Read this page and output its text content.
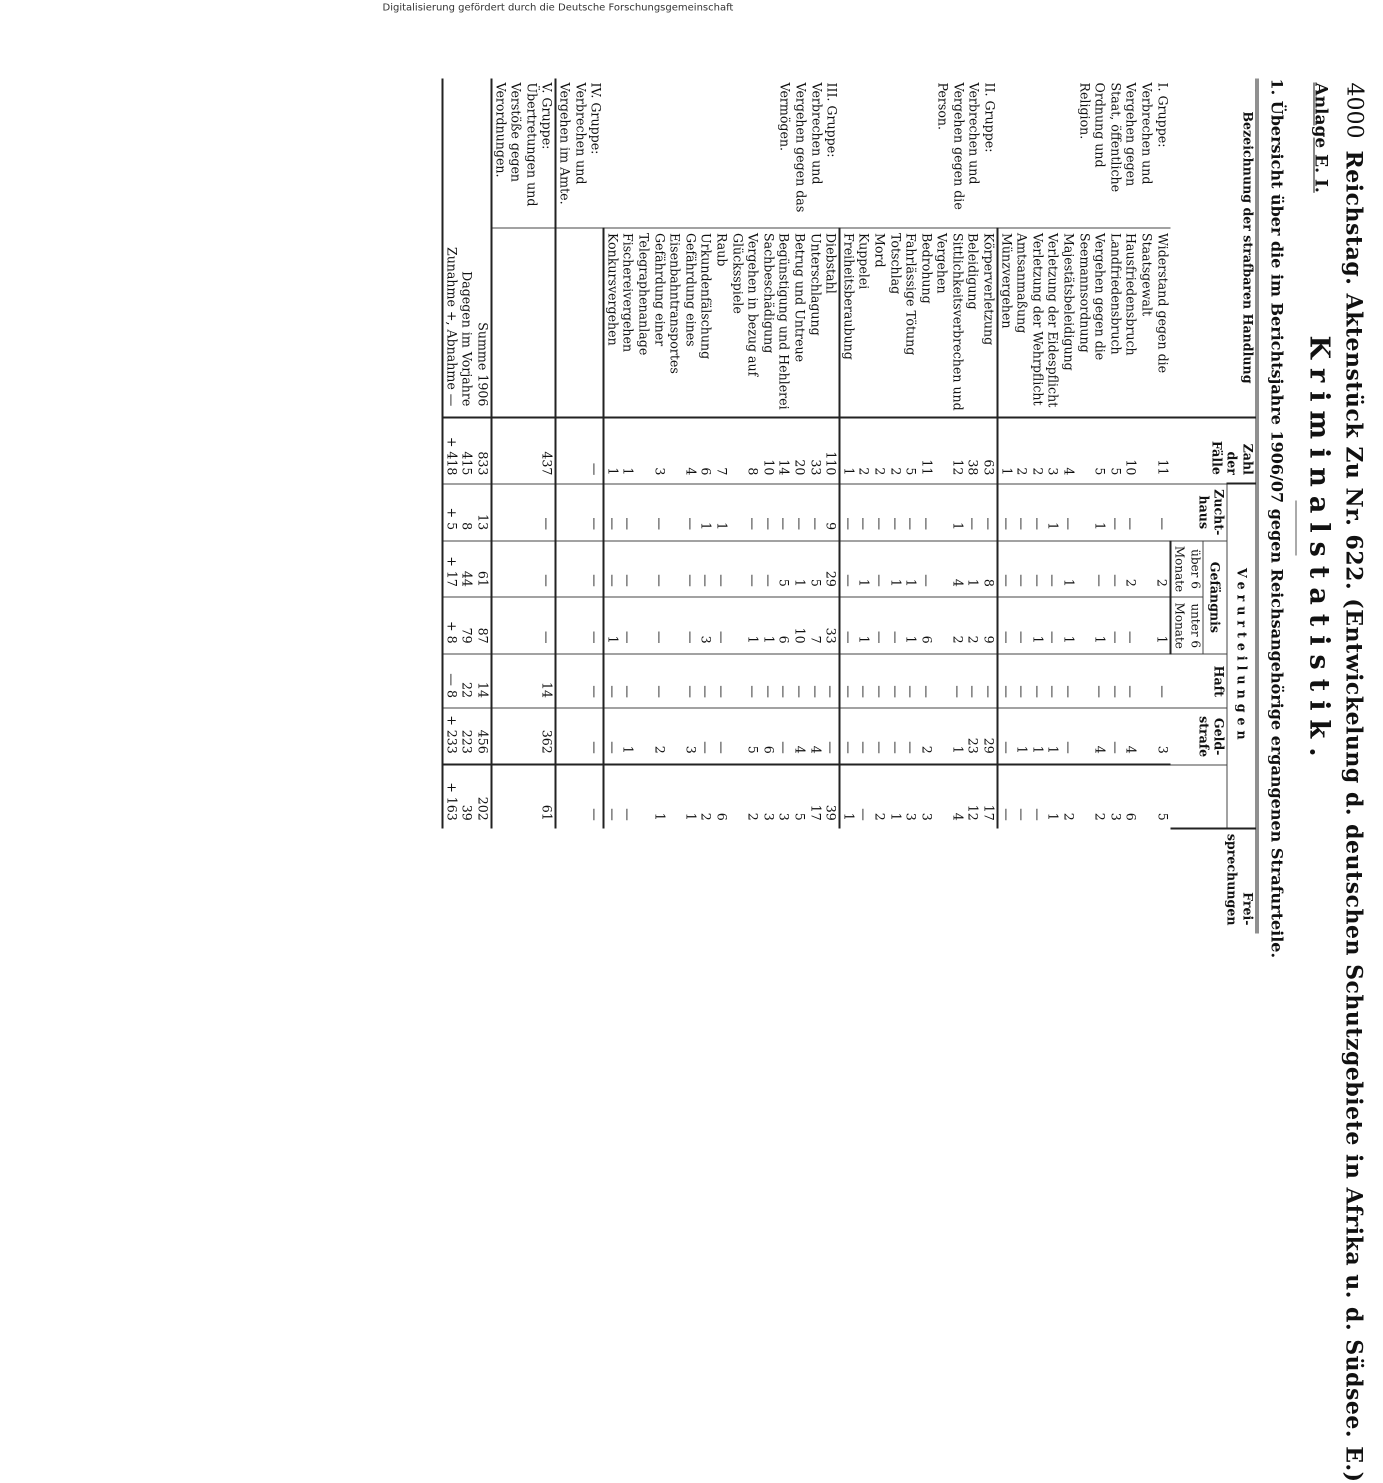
4000
Reichstag. Aktenstück Zu Nr. 622. (Entwickelung d. deutschen Schutzgebiete in Afrika u. d. Südsee. E.)
Anlage E. I.
Kriminalstatistik.
1. Übersicht über die im Berichtsjahre 1906/07 gegen Reichsangehörige ergangenen Strafurteile.
Bezeichnung der strafbaren Handlung		Zahl der Fälle	Verurteilungen						Frei-sprechungen
			Zucht-haus	Gefängnis		Haft	Geld-strafe		
				über 6 Monate	unter 6 Monate				
I. Gruppe: Verbrechen und Vergehen gegen Staat, öffentliche Ordnung und Religion.	Widerstand gegen die Staatsgewalt	11	—	2	1	—	3	5	
	Hausfriedensbruch	10	—	2	—	—	4	6	
	Landfriedensbruch	5	—	—	—	—	—	3	
	Vergehen gegen die Seemannsordnung	5	1	—	1	—	4	2	
	Majestätsbeleidigung	4	—	1	1	—	—	2	
	Verletzung der Eidespflicht	3	1	—	—	—	1	1	
	Verletzung der Wehrpflicht	2	—	—	1	—	1	—	
	Amtsanmaßung	2	—	—	—	—	1	—	
	Münzvergehen	1	—	—	—	—	—	—	
II. Gruppe: Verbrechen und Vergehen gegen die Person.	Körperverletzung	63	—	8	9	—	29	17	
	Beleidigung	38	—	1	2	—	23	12	
	Sittlichkeitsverbrechen und Vergehen	12	1	4	2	—	1	4	
	Bedrohung	11	—	—	6	—	2	3	
	Fahrlässige Tötung	5	—	1	1	—	—	3	
	Totschlag	2	—	1	—	—	—	1	
	Mord	2	—	—	—	—	—	2	
	Kuppelei	2	—	1	1	—	—	—	
	Freiheitsberaubung	1	—	—	—	—	—	1	
III. Gruppe: Verbrechen und Vergehen gegen das Vermögen.	Diebstahl	110	9	29	33	—	—	39	
	Unterschlagung	33	—	5	7	—	4	17	
	Betrug und Untreue	20	—	1	10	—	4	5	
	Begünstigung und Hehlerei	14	—	5	6	—	—	3	
	Sachbeschädigung	10	—	—	1	—	6	3	
	Vergehen in bezug auf Glücksspiele	8	—	—	1	—	5	2	
	Raub	7	1	—	—	—	—	6	
	Urkundenfälschung	6	1	—	3	—	—	2	
	Gefährdung eines Eisenbahntransportes	4	—	—	—	—	3	1	
	Gefährdung einer Telegraphenanlage	3	—	—	—	—	2	1	
	Fischereivergehen	1	—	—	—	—	1	—	
	Konkursvergehen	1	—	—	1	—	—	—	
IV. Gruppe: Verbrechen und Vergehen im Amte.		—	—	—	—	—	—	—	
V. Gruppe: Übertretungen und Verstöße gegen Verordnungen.		437	—	—	—	14	362	61	
Summe 1906		833	13	61	87	14	456	202	
Dagegen im Vorjahre		415	8	44	79	22	223	39	
Zunahme +, Abnahme —		+ 418	+ 5	+ 17	+ 8	— 8	+ 233	+ 163	
Digitalisierung gefördert durch die Deutsche Forschungsgemeinschaft
